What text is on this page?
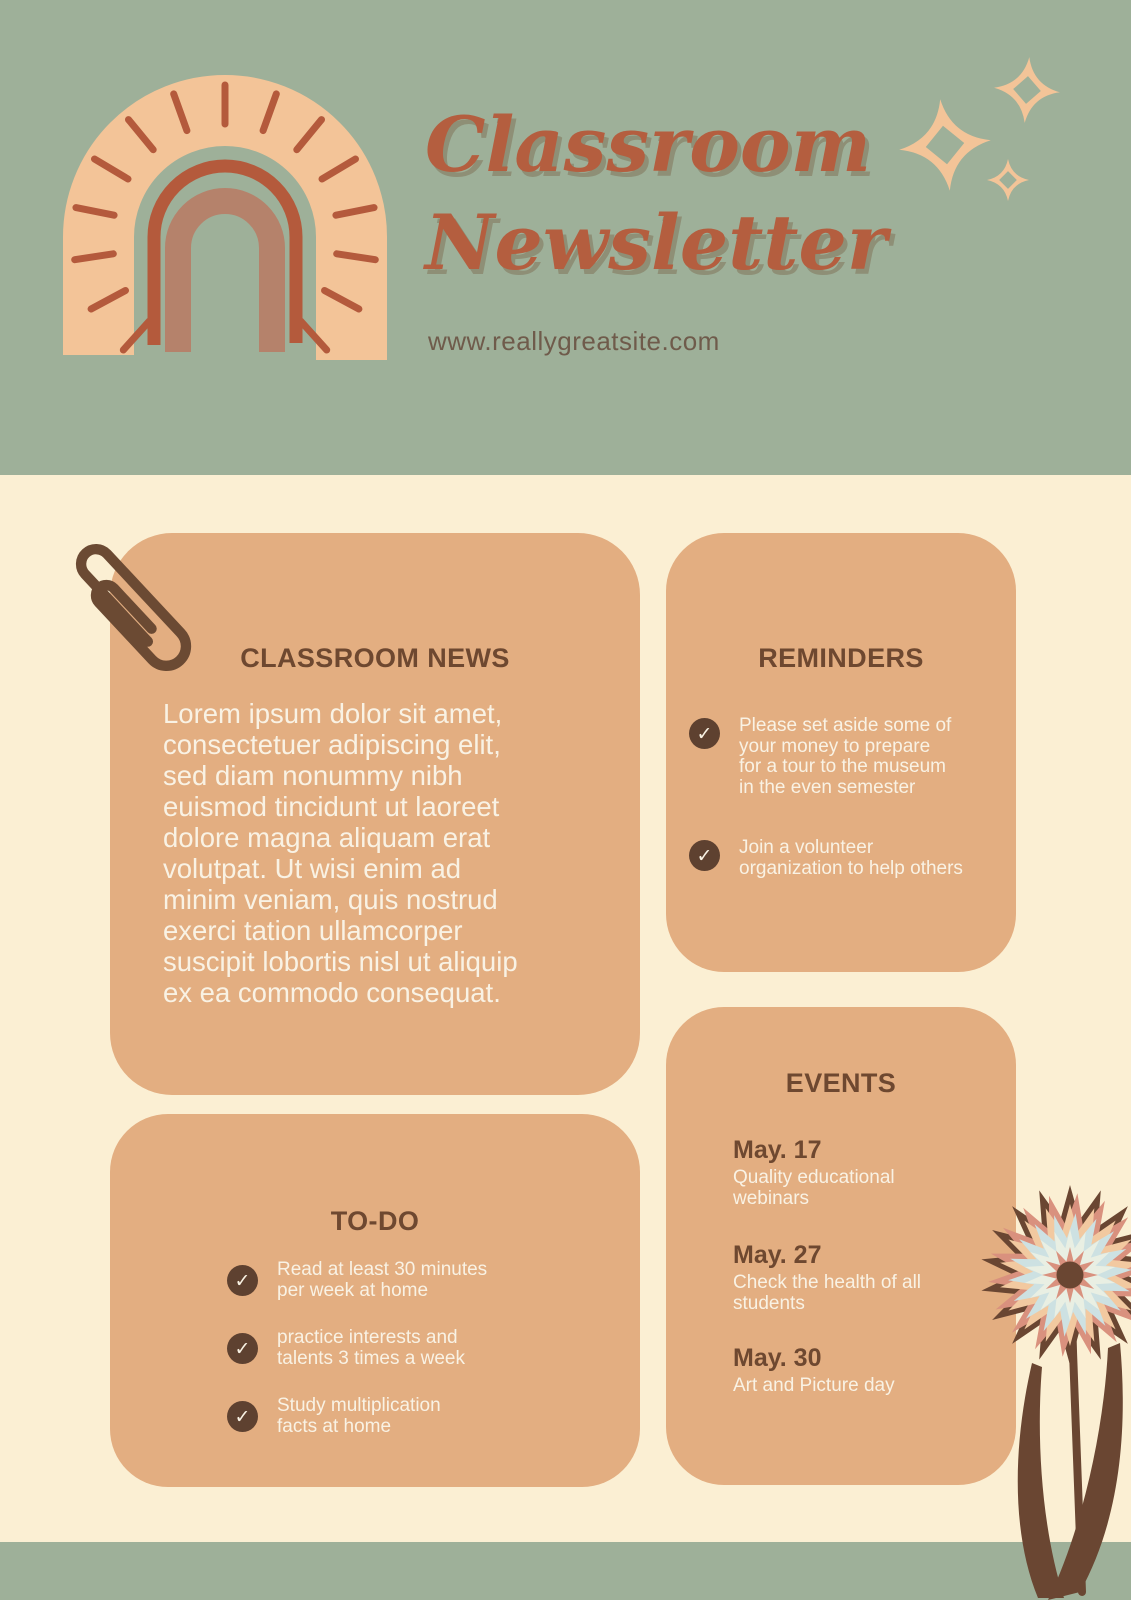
Classroom
Newsletter
www.reallygreatsite.com
CLASSROOM NEWS
Lorem ipsum dolor sit amet,
consectetuer adipiscing elit,
sed diam nonummy nibh
euismod tincidunt ut laoreet
dolore magna aliquam erat
volutpat. Ut wisi enim ad
minim veniam, quis nostrud
exerci tation ullamcorper
suscipit lobortis nisl ut aliquip
ex ea commodo consequat.
REMINDERS
✓	Please set aside some of
your money to prepare
for a tour to the museum
in the even semester
✓	Join a volunteer
organization to help others
TO-DO
✓	Read at least 30 minutes
per week at home
✓	practice interests and
talents 3 times a week
✓	Study multiplication
facts at home
EVENTS
May. 17
Quality educational
webinars
May. 27
Check the health of all
students
May. 30
Art and Picture day
